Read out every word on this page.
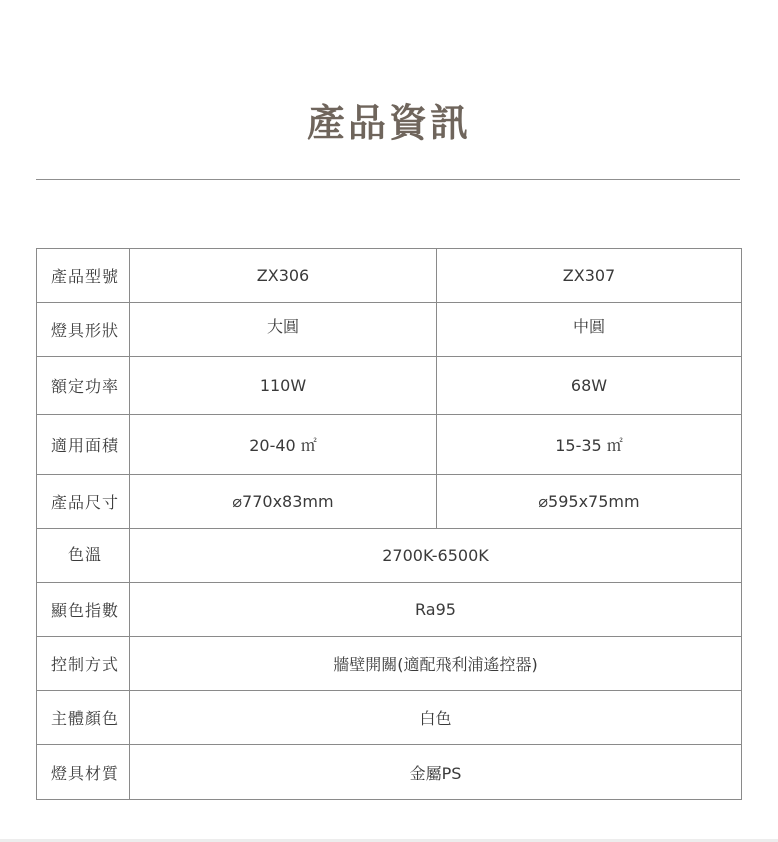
產品資訊
產品型號	ZX306	ZX307
燈具形狀	大圓	中圓
額定功率	110W	68W
適用面積	20-40 ㎡	15-35 ㎡
產品尺寸	⌀770x83mm	⌀595x75mm
色溫	2700K-6500K	
顯色指數	Ra95	
控制方式	牆壁開關(適配飛利浦遙控器)	
主體顏色	白色	
燈具材質	金屬PS	
